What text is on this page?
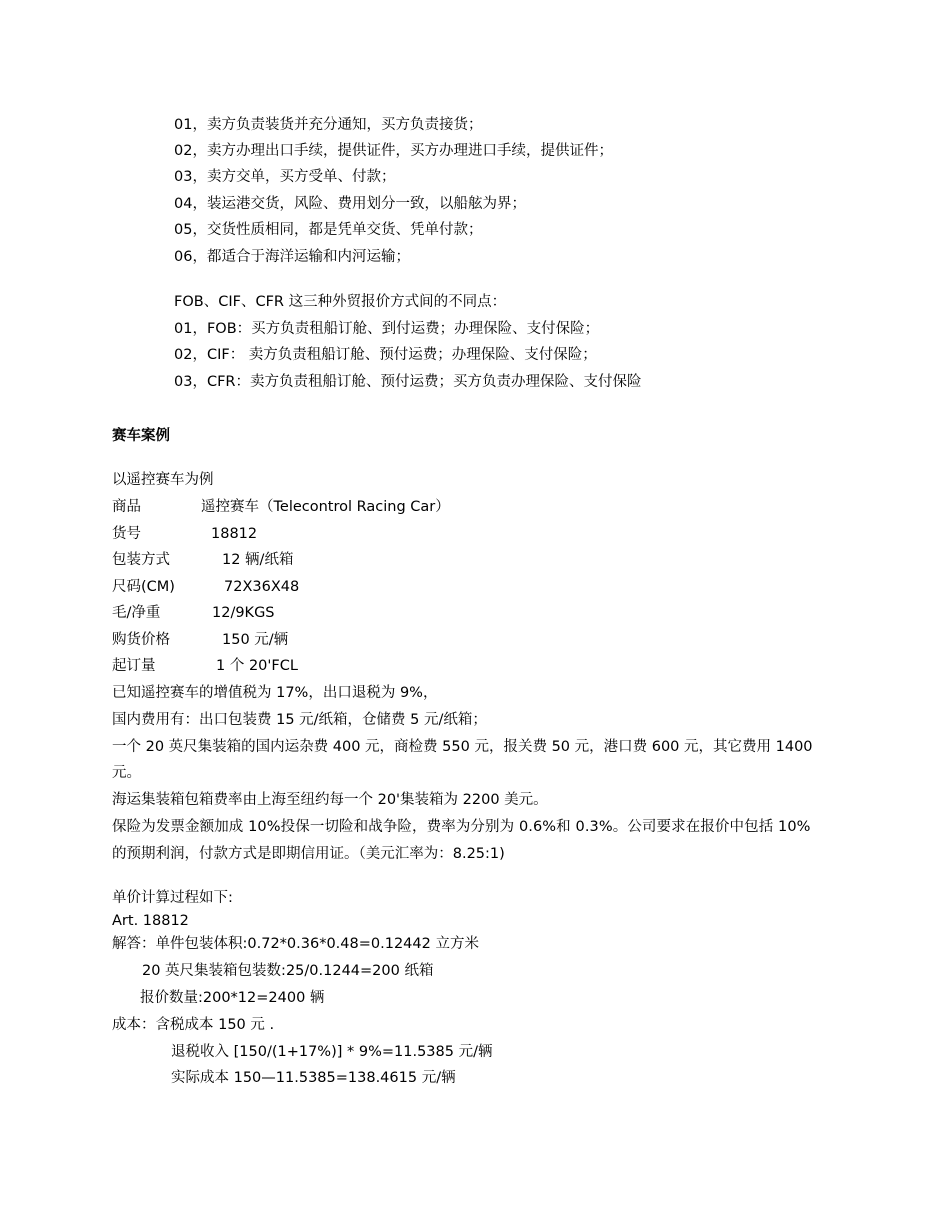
01，卖方负责装货并充分通知，买方负责接货；
02，卖方办理出口手续，提供证件，买方办理进口手续，提供证件；
03，卖方交单，买方受单、付款；
04，装运港交货，风险、费用划分一致，以船舷为界；
05，交货性质相同，都是凭单交货、凭单付款；
06，都适合于海洋运输和内河运输；
FOB、CIF、CFR 这三种外贸报价方式间的不同点：
01，FOB：买方负责租船订舱、到付运费；办理保险、支付保险；
02，CIF： 卖方负责租船订舱、预付运费；办理保险、支付保险；
03，CFR：卖方负责租船订舱、预付运费；买方负责办理保险、支付保险
赛车案例
以遥控赛车为例
商品	遥控赛车（Telecontrol Racing Car）
货号	18812
包装方式	12 辆/纸箱
尺码(CM)	72X36X48
毛/净重	12/9KGS
购货价格	150 元/辆
起订量	1 个 20'FCL
已知遥控赛车的增值税为 17%，出口退税为 9%，
国内费用有：出口包装费 15 元/纸箱，仓储费 5 元/纸箱；
一个 20 英尺集装箱的国内运杂费 400 元，商检费 550 元，报关费 50 元，港口费 600 元，其它费用 1400
元。
海运集装箱包箱费率由上海至纽约每一个 20'集装箱为 2200 美元。
保险为发票金额加成 10%投保一切险和战争险，费率为分别为 0.6%和 0.3%。公司要求在报价中包括 10%
的预期利润，付款方式是即期信用证。（美元汇率为：8.25:1)
单价计算过程如下:
Art. 18812
解答：单件包装体积:0.72*0.36*0.48=0.12442 立方米
20 英尺集装箱包装数:25/0.1244=200 纸箱
报价数量:200*12=2400 辆
成本：含税成本 150 元 .
退税收入 [150/(1+17%)] * 9%=11.5385 元/辆
实际成本 150—11.5385=138.4615 元/辆
